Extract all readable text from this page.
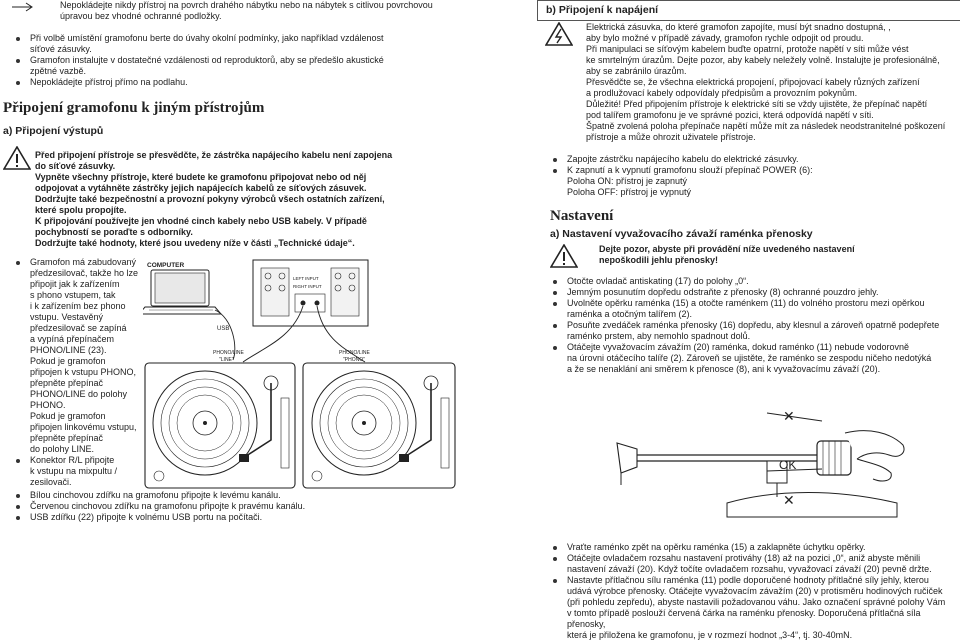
Nepokládejte nikdy přístroj na povrch drahého nábytku nebo na nábytek s citlivou povrchovou úpravou bez vhodné ochranné podložky.
Při volbě umístění gramofonu berte do úvahy okolní podmínky, jako například vzdálenost síťové zásuvky.
Gramofon instalujte v dostatečné vzdálenosti od reproduktorů, aby se předešlo akustické zpětné vazbě.
Nepokládejte přístroj přímo na podlahu.
Připojení gramofonu k jiným přístrojům
a) Připojení výstupů
Před připojení přístroje se přesvědčte, že zástrčka napájecího kabelu není zapojena do síťové zásuvky.
Vypněte všechny přístroje, které budete ke gramofonu připojovat nebo od něj odpojovat a vytáhněte zástrčky jejich napájecích kabelů ze síťových zásuvek.
Dodržujte také bezpečnostní a provozní pokyny výrobců všech ostatních zařízení, které spolu propojíte.
K připojování používejte jen vhodné cinch kabely nebo USB kabely. V případě pochybností se poraďte s odborníky.
Dodržujte také hodnoty, které jsou uvedeny níže v části „Technické údaje“.
Gramofon má zabudovaný
předzesilovač, takže ho lze
připojit jak k zařízením
s phono vstupem, tak
i k zařízením bez phono
vstupu. Vestavěný
předzesilovač se zapíná
a vypíná přepínačem
PHONO/LINE (23).
Pokud je gramofon
připojen k vstupu PHONO,
přepněte přepínač
PHONO/LINE do polohy
PHONO.
Pokud je gramofon
připojen linkovému vstupu,
přepněte přepínač
do polohy LINE.
Konektor R/L připojte
k vstupu na mixpultu /
zesilovači.
Bílou cinchovou zdířku na gramofonu připojte k levému kanálu.
Červenou cinchovou zdířku na gramofonu připojte k pravému kanálu.
USB zdířku (22) připojte k volnému USB portu na počítači.
COMPUTER
LEFT INPUT
RIGHT INPUT
USB
PHONO/LINE
"LINE"
PHONO/LINE
"PHONO"
b) Připojení k napájení
Elektrická zásuvka, do které gramofon zapojíte, musí být snadno dostupná, ,
aby bylo možné v případě závady, gramofon rychle odpojit od proudu.
Při manipulaci se síťovým kabelem buďte opatrní, protože napětí v síti může vést
ke smrtelným úrazům. Dejte pozor, aby kabely neležely volně. Instalujte je profesionálně,
aby se zabránilo úrazům.
Přesvědčte se, že všechna elektrická propojení, připojovací kabely různých zařízení
a prodlužovací kabely odpovídaly předpisům a provozním pokynům.
Důležité! Před připojením přístroje k elektrické síti se vždy ujistěte, že přepínač napětí
pod talířem gramofonu je ve správné pozici, která odpovídá napětí v síti.
Špatně zvolená poloha přepínače napětí může mít za následek neodstranitelné poškození
přístroje a může ohrozit uživatele přístroje.
Zapojte zástrčku napájecího kabelu do elektrické zásuvky.
K zapnutí a k vypnutí gramofonu slouží přepínač POWER (6):
Poloha ON: přístroj je zapnutý
Poloha OFF: přístroj je vypnutý
Nastavení
a) Nastavení vyvažovacího závaží raménka přenosky
Dejte pozor, abyste při provádění níže uvedeného nastavení
nepoškodili jehlu přenosky!
Otočte ovladač antiskating (17) do polohy „0“.
Jemným posunutím dopředu odstraňte z přenosky (8) ochranné pouzdro jehly.
Uvolněte opěrku raménka (15) a otočte raménkem (11) do volného prostoru mezi opěrkou
raménka a otočným talířem (2).
Posuňte zvedáček raménka přenosky (16) dopředu, aby klesnul a zároveň opatrně podepřete
raménko prstem, aby nemohlo spadnout dolů.
Otáčejte vyvažovacím závažím (20) raménka, dokud raménko (11) nebude vodorovně
na úrovni otáčecího talíře (2). Zároveň se ujistěte, že raménko se zespodu ničeho nedotýká
a že se nenaklání ani směrem k přenosce (8), ani k vyvažovacímu závaží (20).
✕
OK
✕
Vraťte raménko zpět na opěrku raménka (15) a zaklapněte úchytku opěrky.
Otáčejte ovladačem rozsahu nastavení protiváhy (18) až na pozici „0“, aniž abyste měnili
nastavení závaží (20). Když točíte ovladačem rozsahu, vyvažovací závaží (20) pevně držte.
Nastavte přítlačnou sílu raménka (11) podle doporučené hodnoty přítlačné síly jehly, kterou
udává výrobce přenosky. Otáčejte vyvažovacím závažím (20) v protisměru hodinových ručiček
(při pohledu zepředu), abyste nastavili požadovanou váhu. Jako označení správné polohy Vám
v tomto případě poslouží červená čárka na raménku přenosky. Doporučená přítlačná síla přenosky,
která je přiložena ke gramofonu, je v rozmezí hodnot „3-4“, tj. 30-40mN.
